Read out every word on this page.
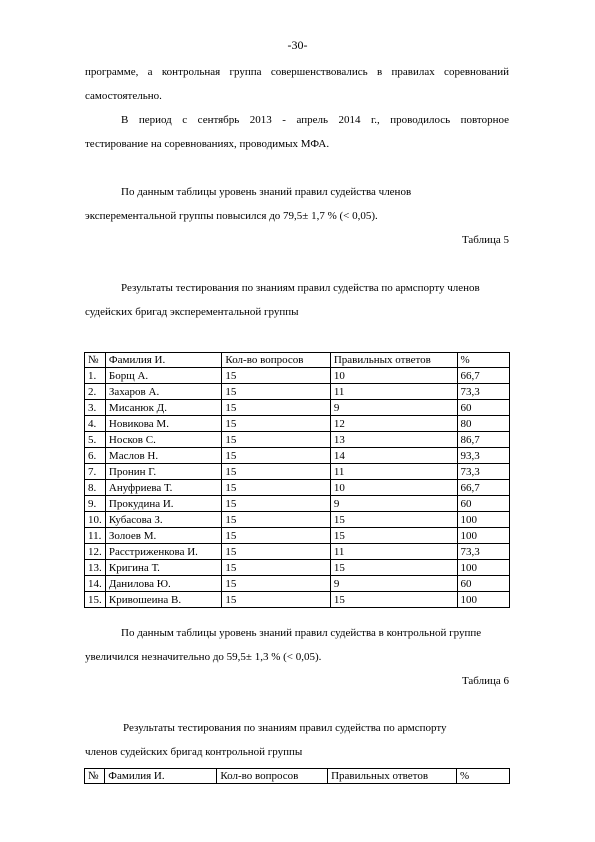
-30-
программе, а контрольная группа совершенствовались в правилах соревнований
самостоятельно.
В период с сентябрь 2013 - апрель 2014 г., проводилось повторное
тестирование на соревнованиях, проводимых МФА.
По данным таблицы уровень знаний правил судейства членов
эксперементальной группы повысился до 79,5± 1,7 % (< 0,05).
Таблица 5
Результаты тестирования по знаниям правил судейства по армспорту членов
судейских бригад эксперементальной группы
№	Фамилия И.	Кол-во вопросов	Правильных ответов	%
1.	Борщ А.	15	10	66,7
2.	Захаров А.	15	11	73,3
3.	Мисанюк Д.	15	9	60
4.	Новикова М.	15	12	80
5.	Носков С.	15	13	86,7
6.	Маслов Н.	15	14	93,3
7.	Пронин Г.	15	11	73,3
8.	Ануфриева Т.	15	10	66,7
9.	Прокудина И.	15	9	60
10.	Кубасова З.	15	15	100
11.	Золоев М.	15	15	100
12.	Расстриженкова И.	15	11	73,3
13.	Кригина Т.	15	15	100
14.	Данилова Ю.	15	9	60
15.	Кривошеина В.	15	15	100
По данным таблицы уровень знаний правил судейства в контрольной группе
увеличился незначительно до 59,5± 1,3 % (< 0,05).
Таблица 6
Результаты тестирования по знаниям правил судейства по армспорту
членов судейских бригад контрольной группы
№	Фамилия И.	Кол-во вопросов	Правильных ответов	%
